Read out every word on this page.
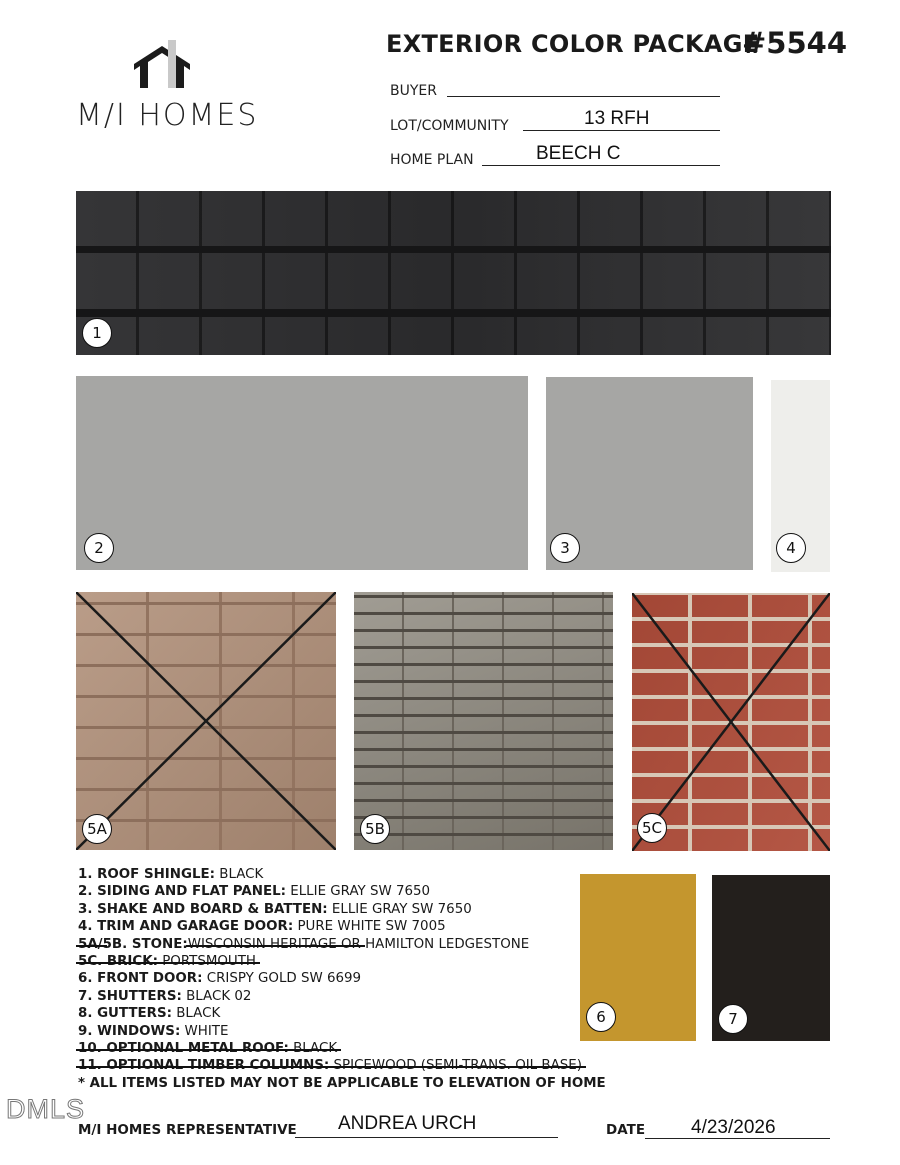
M/I HOMES
EXTERIOR COLOR PACKAGE
#5544
BUYER
LOT/COMMUNITY	13 RFH
HOME PLAN	BEECH C
1
2	3	4
5A	5B	5C
6	7
1. ROOF SHINGLE: BLACK
2. SIDING AND FLAT PANEL: ELLIE GRAY SW 7650
3. SHAKE AND BOARD & BATTEN: ELLIE GRAY SW 7650
4. TRIM AND GARAGE DOOR: PURE WHITE SW 7005
5A/5B. STONE:WISCONSIN HERITAGE OR HAMILTON LEDGESTONE
5C. BRICK: PORTSMOUTH
6. FRONT DOOR: CRISPY GOLD SW 6699
7. SHUTTERS: BLACK 02
8. GUTTERS: BLACK
9. WINDOWS: WHITE
10. OPTIONAL METAL ROOF: BLACK
11. OPTIONAL TIMBER COLUMNS: SPICEWOOD (SEMI-TRANS. OIL BASE)
* ALL ITEMS LISTED MAY NOT BE APPLICABLE TO ELEVATION OF HOME
DMLS
M/I HOMES REPRESENTATIVE ANDREA URCH	DATE 4/23/2026
